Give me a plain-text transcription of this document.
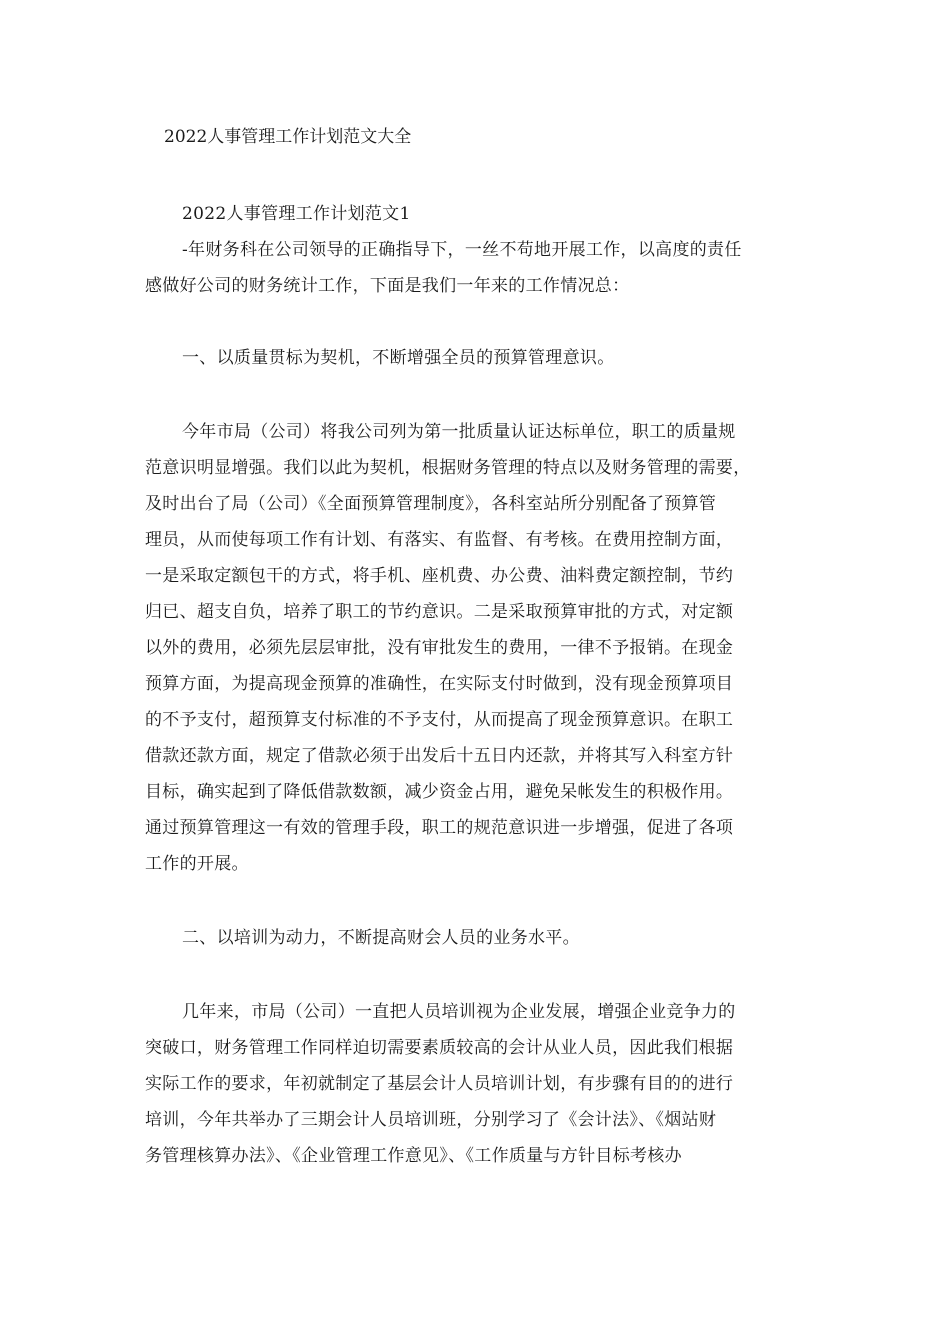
2022人事管理工作计划范文大全
2022人事管理工作计划范文1
-年财务科在公司领导的正确指导下，一丝不苟地开展工作，以高度的责任
感做好公司的财务统计工作，下面是我们一年来的工作情况总：
一、以质量贯标为契机，不断增强全员的预算管理意识。
今年市局（公司）将我公司列为第一批质量认证达标单位，职工的质量规
范意识明显增强。我们以此为契机，根据财务管理的特点以及财务管理的需要，
及时出台了局（公司）《全面预算管理制度》，各科室站所分别配备了预算管
理员，从而使每项工作有计划、有落实、有监督、有考核。在费用控制方面，
一是采取定额包干的方式，将手机、座机费、办公费、油料费定额控制，节约
归已、超支自负，培养了职工的节约意识。二是采取预算审批的方式，对定额
以外的费用，必须先层层审批，没有审批发生的费用，一律不予报销。在现金
预算方面，为提高现金预算的准确性，在实际支付时做到，没有现金预算项目
的不予支付，超预算支付标准的不予支付，从而提高了现金预算意识。在职工
借款还款方面，规定了借款必须于出发后十五日内还款，并将其写入科室方针
目标，确实起到了降低借款数额，减少资金占用，避免呆帐发生的积极作用。
通过预算管理这一有效的管理手段，职工的规范意识进一步增强，促进了各项
工作的开展。
二、以培训为动力，不断提高财会人员的业务水平。
几年来，市局（公司）一直把人员培训视为企业发展，增强企业竞争力的
突破口，财务管理工作同样迫切需要素质较高的会计从业人员，因此我们根据
实际工作的要求，年初就制定了基层会计人员培训计划，有步骤有目的的进行
培训，今年共举办了三期会计人员培训班，分别学习了《会计法》、《烟站财
务管理核算办法》、《企业管理工作意见》、《工作质量与方针目标考核办
